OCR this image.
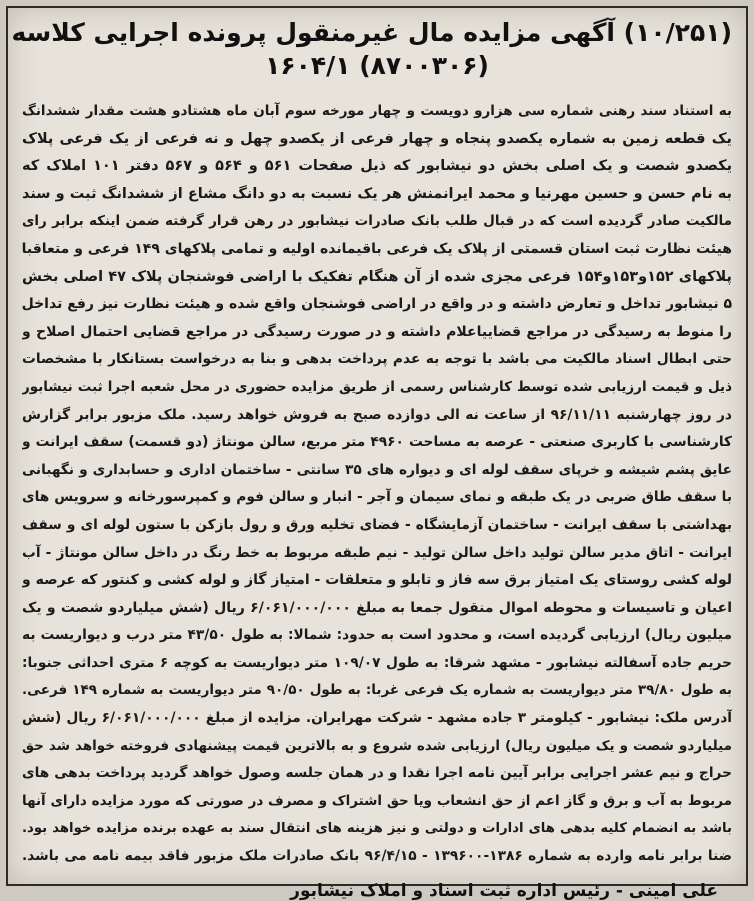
(۱۰/۲۵۱) آگهی مزایده مال غیرمنقول پرونده اجرایی کلاسه
(۸۷۰۰۳۰۶) ۱۶۰۴/۱
به استناد سند رهنی شماره سی هزارو دویست و چهار مورخه سوم آبان ماه هشتادو هشت مقدار ششدانگ
یک قطعه زمین به شماره یکصدو پنجاه و چهار فرعی از یکصدو چهل و نه فرعی از یک فرعی پلاک
یکصدو شصت و یک اصلی بخش دو نیشابور که ذیل صفحات ۵۶۱ و ۵۶۴ و ۵۶۷ دفتر ۱۰۱ املاک که
به نام حسن و حسین مهرنیا و محمد ایرانمنش هر یک نسبت به دو دانگ مشاع از ششدانگ ثبت و سند
مالکیت صادر گردیده است که در قبال طلب بانک صادرات نیشابور در رهن قرار گرفته ضمن اینکه برابر رای
هیئت نظارت ثبت استان قسمتی از پلاک یک فرعی باقیمانده اولیه و تمامی پلاکهای ۱۴۹ فرعی و متعاقبا
پلاکهای ۱۵۲و۱۵۳و۱۵۴ فرعی مجزی شده از آن هنگام تفکیک با اراضی فوشنجان پلاک ۴۷ اصلی بخش
۵ نیشابور تداخل و تعارض داشته و در واقع در اراضی فوشنجان واقع شده و هیئت نظارت نیز رفع تداخل
را منوط به رسیدگی در مراجع قضاییاعلام داشته و در صورت رسیدگی در مراجع قضایی احتمال اصلاح و
حتی ابطال اسناد مالکیت می باشد با توجه به عدم پرداخت بدهی و بنا به درخواست بستانکار با مشخصات
ذیل و قیمت ارزیابی شده توسط کارشناس رسمی از طریق مزایده حضوری در محل شعبه اجرا ثبت نیشابور
در روز چهارشنبه ۹۶/۱۱/۱۱ از ساعت نه الی دوازده صبح به فروش خواهد رسید. ملک مزبور برابر گزارش
کارشناسی با کاربری صنعتی - عرصه به مساحت ۴۹۶۰ متر مربع، سالن مونتاژ (دو قسمت) سقف ایرانت و
عایق پشم شیشه و خرپای سقف لوله ای و دیواره های ۳۵ سانتی - ساختمان اداری و حسابداری و نگهبانی
با سقف طاق ضربی در یک طبقه و نمای سیمان و آجر - انبار و سالن فوم و کمپرسورخانه و سرویس های
بهداشتی با سقف ایرانت - ساختمان آزمایشگاه - فضای تخلیه ورق و رول بازکن با ستون لوله ای و سقف
ایرانت - اتاق مدیر سالن تولید داخل سالن تولید - نیم طبقه مربوط به خط رنگ در داخل سالن مونتاژ - آب
لوله کشی روستای یک امتیاز برق سه فاز و تابلو و متعلقات - امتیاز گاز و لوله کشی و کنتور که عرصه و
اعیان و تاسیسات و محوطه اموال منقول جمعا به مبلغ ۶/۰۶۱/۰۰۰/۰۰۰ ریال (شش میلیاردو شصت و یک
میلیون ریال) ارزیابی گردیده است، و محدود است به حدود: شمالا: به طول ۴۳/۵۰ متر درب و دیواریست به
حریم جاده آسفالته نیشابور - مشهد شرقا: به طول ۱۰۹/۰۷ متر دیواریست به کوچه ۶ متری احداثی جنوبا:
به طول ۳۹/۸۰ متر دیواریست به شماره یک فرعی غربا: به طول ۹۰/۵۰ متر دیواریست به شماره ۱۴۹ فرعی.
آدرس ملک: نیشابور - کیلومتر ۳ جاده مشهد - شرکت مهرایران. مزایده از مبلغ ۶/۰۶۱/۰۰۰/۰۰۰ ریال (شش
میلیاردو شصت و یک میلیون ریال) ارزیابی شده شروع و به بالاترین قیمت پیشنهادی فروخته خواهد شد حق
حراج و نیم عشر اجرایی برابر آیین نامه اجرا نقدا و در همان جلسه وصول خواهد گردید پرداخت بدهی های
مربوط به آب و برق و گاز اعم از حق انشعاب ویا حق اشتراک و مصرف در صورتی که مورد مزایده دارای آنها
باشد به انضمام کلیه بدهی های ادارات و دولتی و نیز هزینه های انتقال سند به عهده برنده مزایده خواهد بود.
ضنا برابر نامه وارده به شماره ۱۳۸۶-۱۳۹۶۰۰ - ۹۶/۴/۱۵ بانک صادرات ملک مزبور فاقد بیمه نامه می باشد.
علی امینی - رئیس اداره ثبت اسناد و املاک نیشابور
